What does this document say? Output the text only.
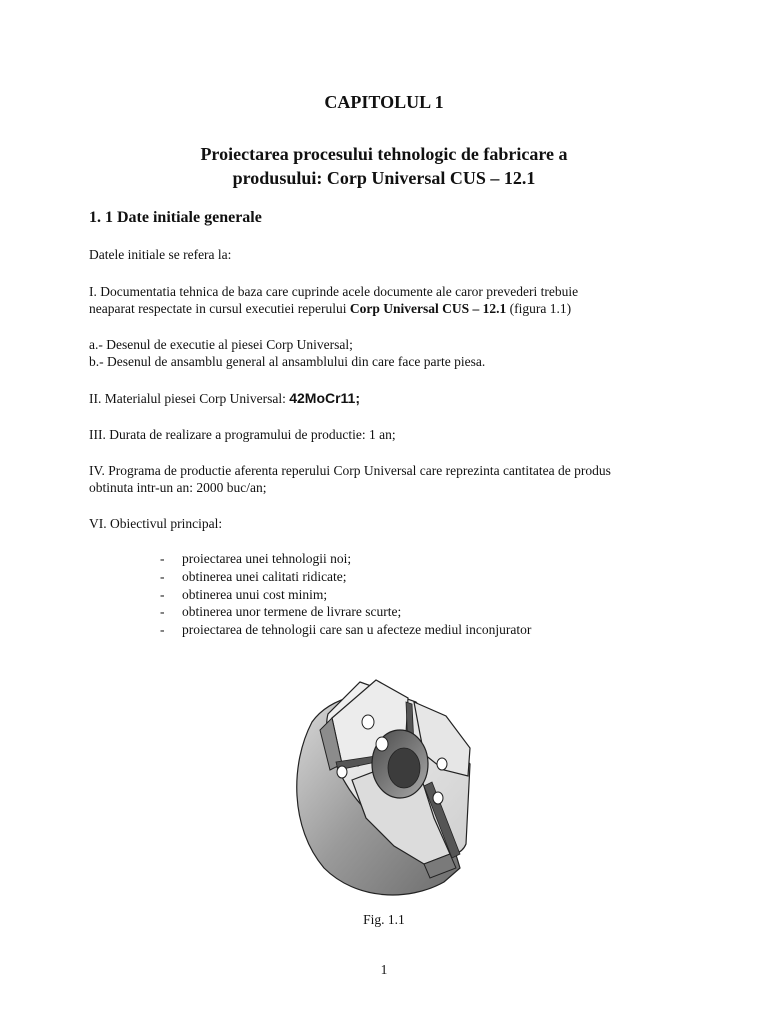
CAPITOLUL 1
Proiectarea procesului tehnologic de fabricare a
produsului: Corp Universal CUS – 12.1
1. 1 Date initiale generale
Datele initiale se refera la:
I. Documentatia tehnica de baza care cuprinde acele documente ale caror prevederi trebuie
neaparat respectate in cursul executiei reperului Corp Universal CUS – 12.1 (figura 1.1)
a.- Desenul de executie al piesei Corp Universal;
b.- Desenul de ansamblu general al ansamblului din care face parte piesa.
II. Materialul piesei Corp Universal: 42MoCr11;
III. Durata de realizare a programului de productie: 1 an;
IV. Programa de productie aferenta reperului Corp Universal care reprezinta cantitatea de produs
obtinuta intr-un an: 2000 buc/an;
VI. Obiectivul principal:
-	proiectarea unei tehnologii noi;
-	obtinerea unei calitati ridicate;
-	obtinerea unui cost minim;
-	obtinerea unor termene de livrare scurte;
-	proiectarea de tehnologii care san u afecteze mediul inconjurator
Fig. 1.1
1
